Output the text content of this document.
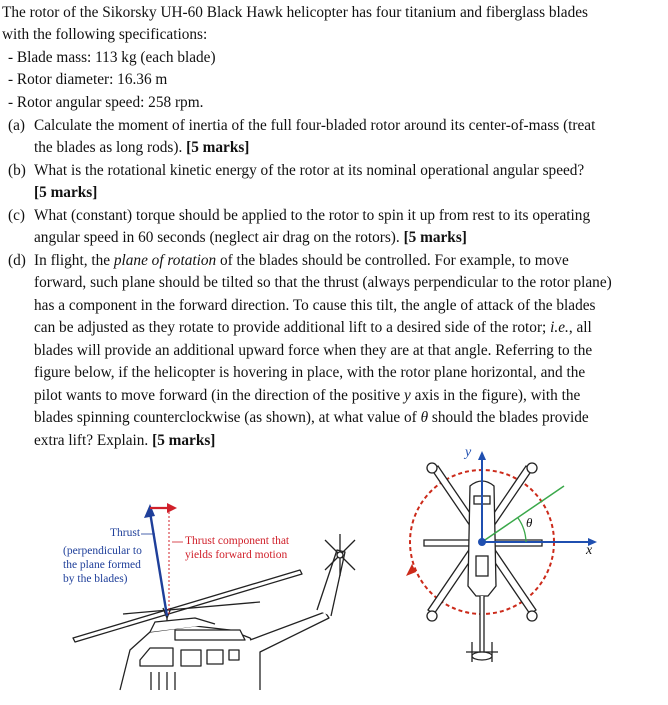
The rotor of the Sikorsky UH-60 Black Hawk helicopter has four titanium and fiberglass blades
with the following specifications:
- Blade mass: 113 kg (each blade)
- Rotor diameter: 16.36 m
- Rotor angular speed: 258 rpm.
(a) Calculate the moment of inertia of the full four-bladed rotor around its center-of-mass (treat
the blades as long rods). [5 marks]
(b) What is the rotational kinetic energy of the rotor at its nominal operational angular speed?
[5 marks]
(c) What (constant) torque should be applied to the rotor to spin it up from rest to its operating
angular speed in 60 seconds (neglect air drag on the rotors). [5 marks]
(d) In flight, the plane of rotation of the blades should be controlled. For example, to move
forward, such plane should be tilted so that the thrust (always perpendicular to the rotor plane)
has a component in the forward direction. To cause this tilt, the angle of attack of the blades
can be adjusted as they rotate to provide additional lift to a desired side of the rotor; i.e., all
blades will provide an additional upward force when they are at that angle. Referring to the
figure below, if the helicopter is hovering in place, with the rotor plane horizontal, and the
pilot wants to move forward (in the direction of the positive y axis in the figure), with the
blades spinning counterclockwise (as shown), at what value of θ should the blades provide
extra lift? Explain. [5 marks]
Thrust
(perpendicular to
the plane formed
by the blades)
Thrust component that
yields forward motion
y
x
θ
